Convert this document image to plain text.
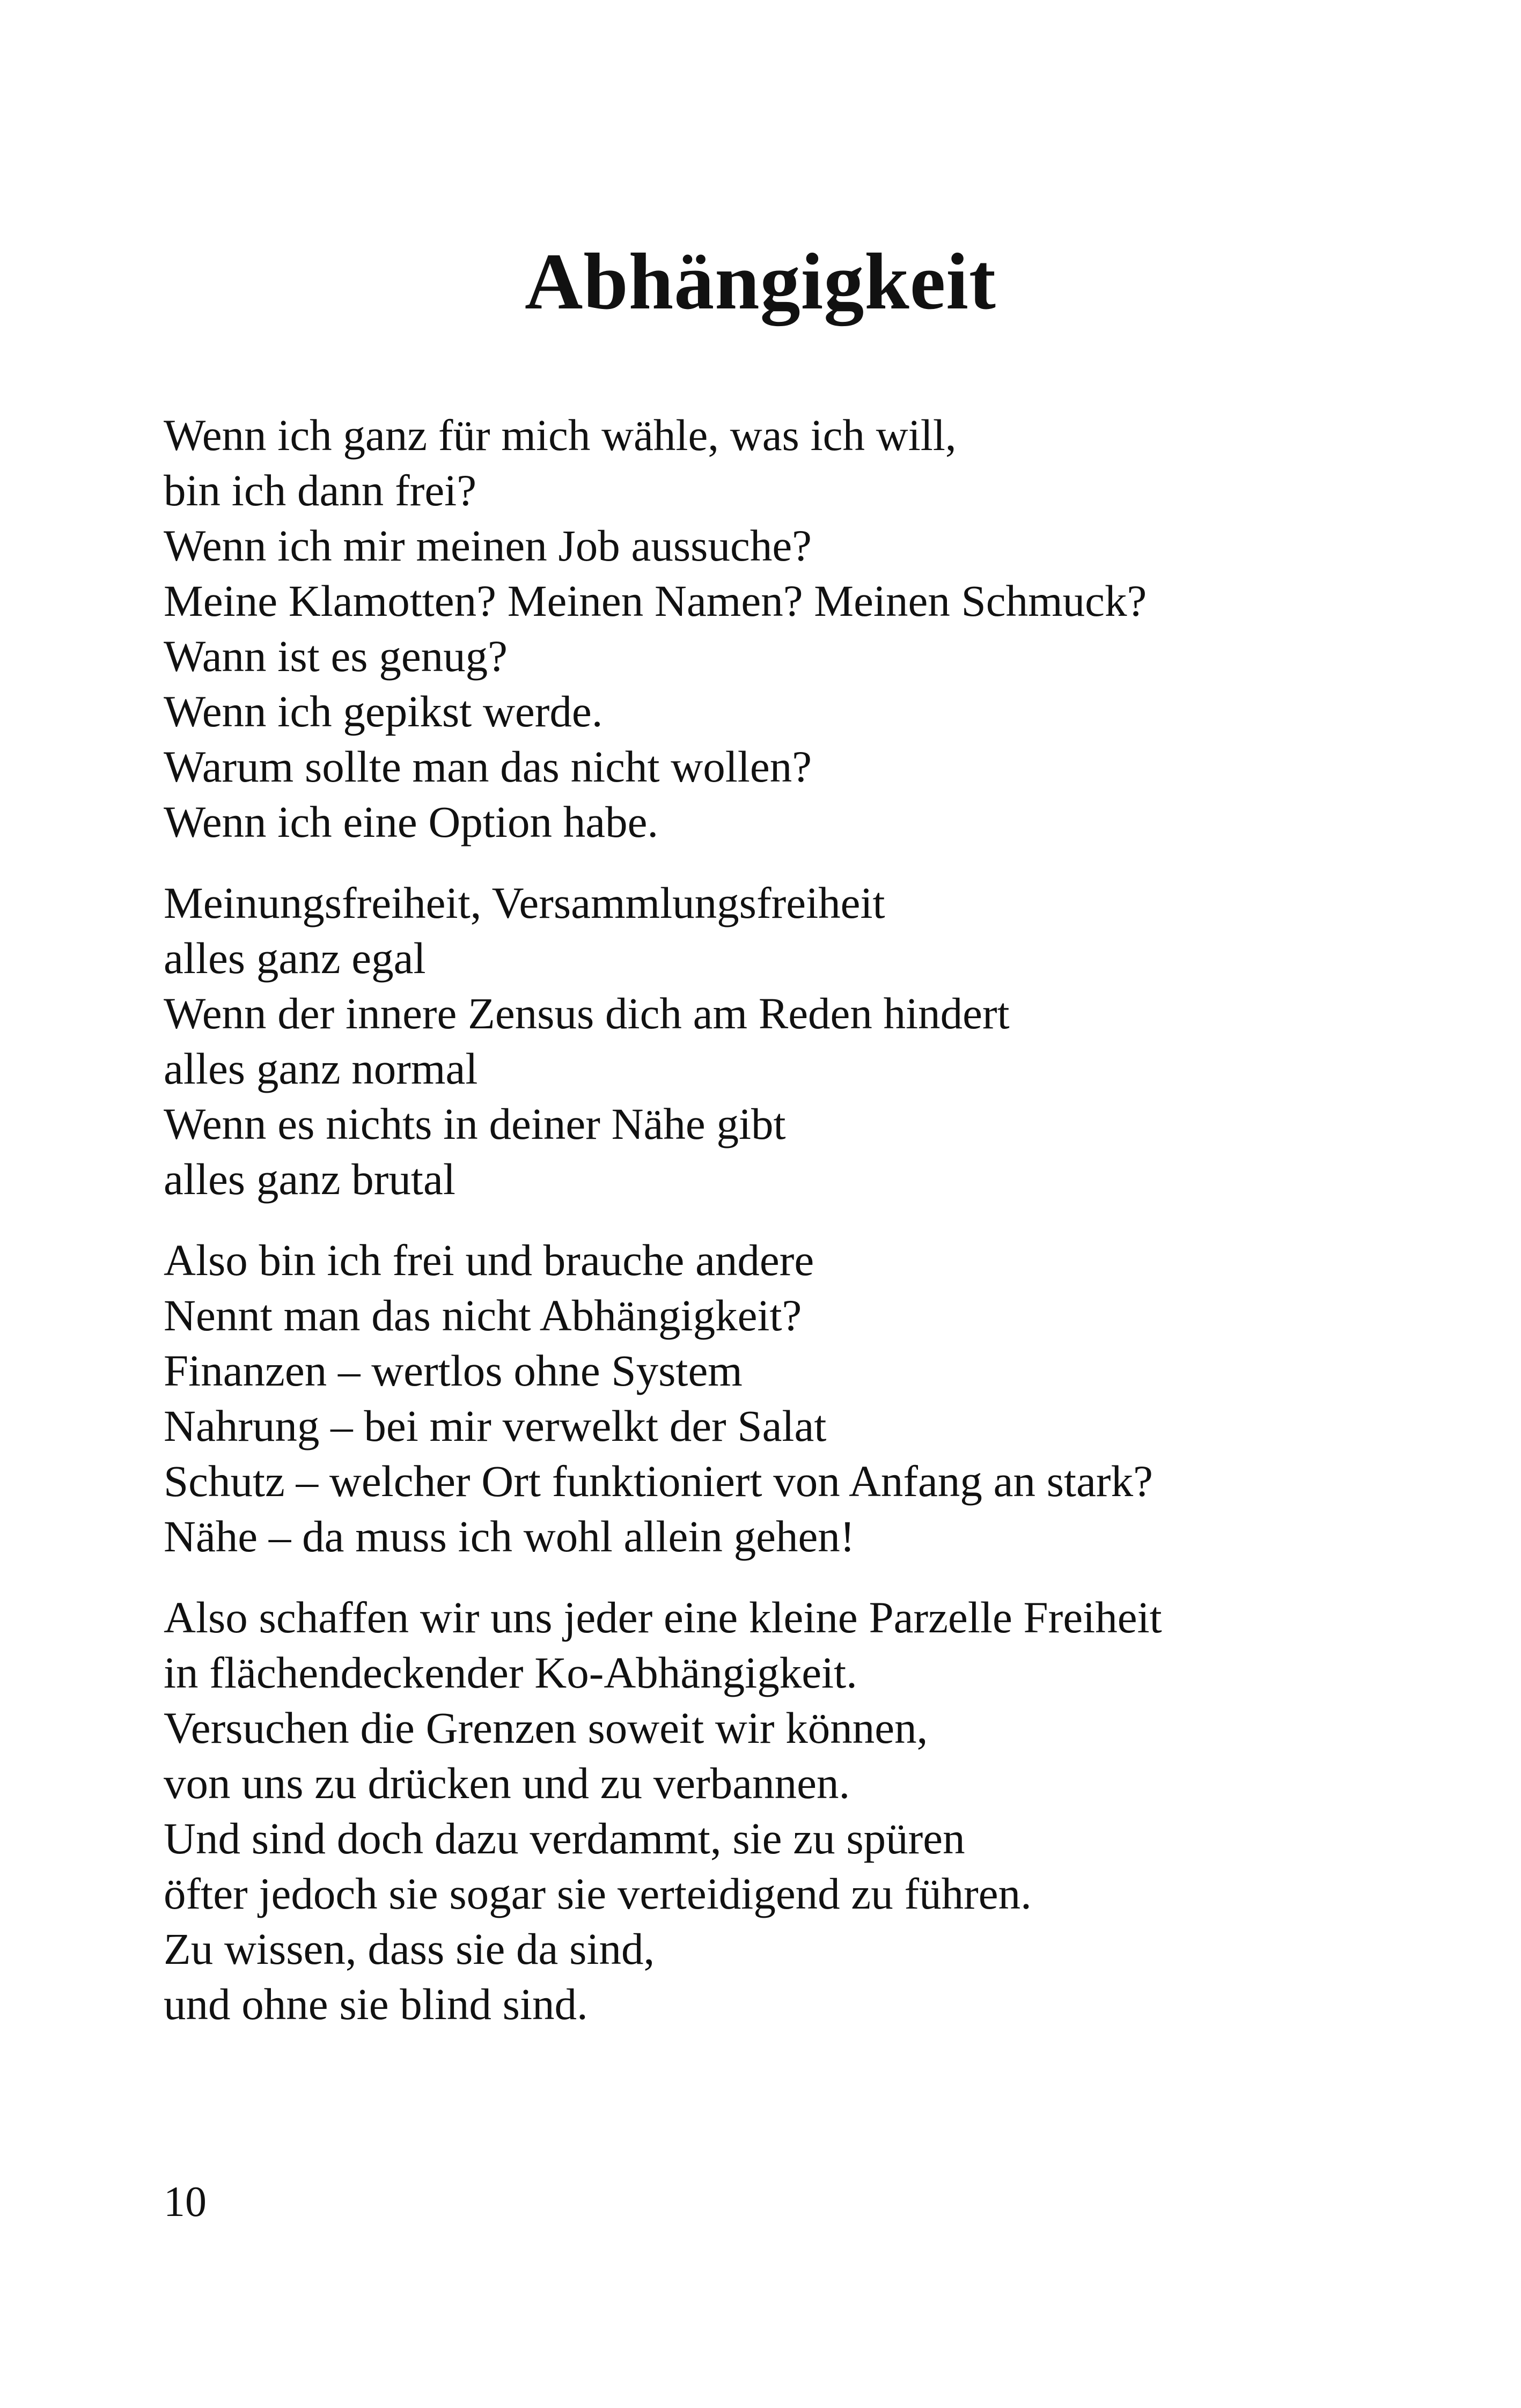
Abhängigkeit
Wenn ich ganz für mich wähle, was ich will,
bin ich dann frei?
Wenn ich mir meinen Job aussuche?
Meine Klamotten? Meinen Namen? Meinen Schmuck?
Wann ist es genug?
Wenn ich gepikst werde.
Warum sollte man das nicht wollen?
Wenn ich eine Option habe.
Meinungsfreiheit, Versammlungsfreiheit
alles ganz egal
Wenn der innere Zensus dich am Reden hindert
alles ganz normal
Wenn es nichts in deiner Nähe gibt
alles ganz brutal
Also bin ich frei und brauche andere
Nennt man das nicht Abhängigkeit?
Finanzen – wertlos ohne System
Nahrung – bei mir verwelkt der Salat
Schutz – welcher Ort funktioniert von Anfang an stark?
Nähe – da muss ich wohl allein gehen!
Also schaffen wir uns jeder eine kleine Parzelle Freiheit
in flächendeckender Ko-Abhängigkeit.
Versuchen die Grenzen soweit wir können,
von uns zu drücken und zu verbannen.
Und sind doch dazu verdammt, sie zu spüren
öfter jedoch sie sogar sie verteidigend zu führen.
Zu wissen, dass sie da sind,
und ohne sie blind sind.
10
